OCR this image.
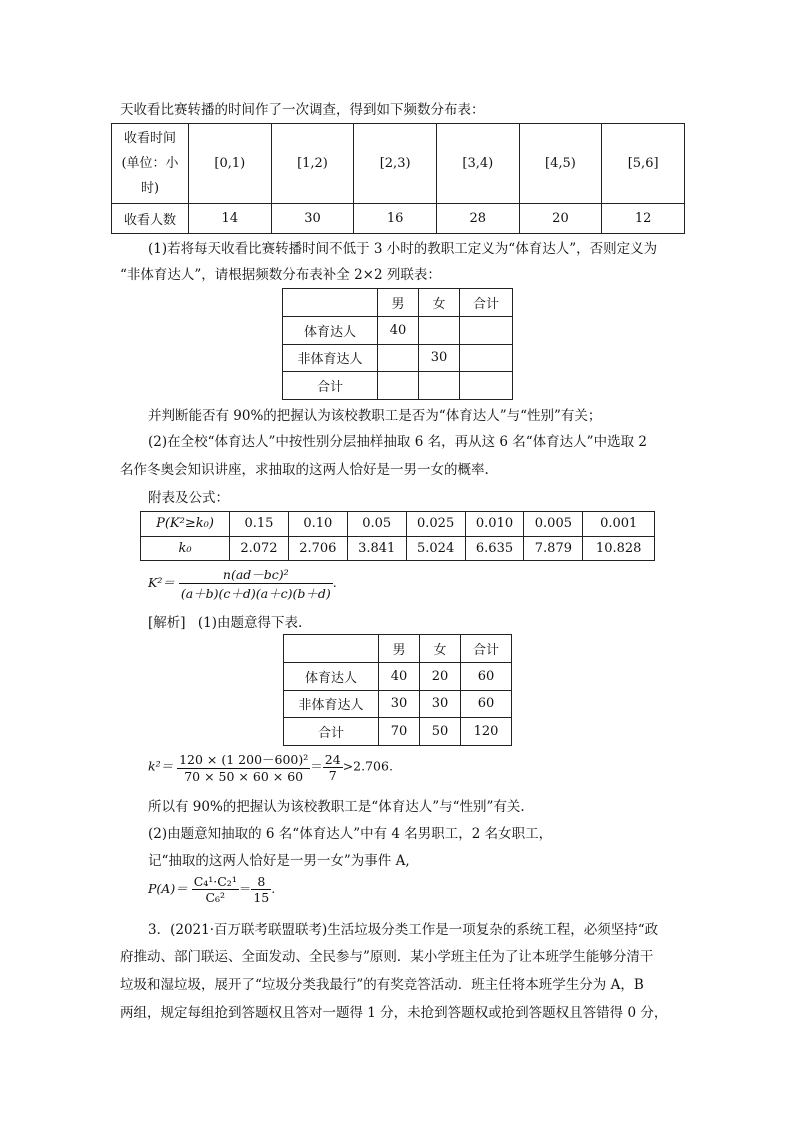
天收看比赛转播的时间作了一次调查，得到如下频数分布表：
收看时间
(单位：小
时)	[0,1)	[1,2)	[2,3)	[3,4)	[4,5)	[5,6]
收看人数	14	30	16	28	20	12
(1)若将每天收看比赛转播时间不低于 3 小时的教职工定义为“体育达人”，否则定义为
“非体育达人”，请根据频数分布表补全 2×2 列联表：
	男	女	合计
体育达人	40		
非体育达人		30	
合计			
并判断能否有 90%的把握认为该校教职工是否为“体育达人”与“性别”有关；
(2)在全校“体育达人”中按性别分层抽样抽取 6 名，再从这 6 名“体育达人”中选取 2
名作冬奥会知识讲座，求抽取的这两人恰好是一男一女的概率.
附表及公式：
P(K²≥k₀)	0.15	0.10	0.05	0.025	0.010	0.005	0.001
k₀	2.072	2.706	3.841	5.024	6.635	7.879	10.828
$K^2= \frac{\text{n(ad－bc)²}}{(a+b)(c+d)(a+c)(b+d)}$ .
[解析] (1)由题意得下表.
	男	女	合计
体育达人	40	20	60
非体育达人	30	30	60
合计	70	50	120
$k^2= \frac{\text{120 × (1 200－600)²}}{70 \times 50 \times 60 \times 60} = \frac{24}{7} >2.706$.
所以有 90%的把握认为该校教职工是“体育达人”与“性别”有关.
(2)由题意知抽取的 6 名“体育达人”中有 4 名男职工，2 名女职工，
记“抽取的这两人恰好是一男一女”为事件 A,
$P(A)= \frac{\text{C₄¹·C₂¹}}{\text{C₆²}} = \frac{8}{15}$ .
3．(2021·百万联考联盟联考)生活垃圾分类工作是一项复杂的系统工程，必须坚持“政
府推动、部门联运、全面发动、全民参与”原则．某小学班主任为了让本班学生能够分清干
垃圾和湿垃圾，展开了“垃圾分类我最行”的有奖竞答活动．班主任将本班学生分为 A，B
两组，规定每组抢到答题权且答对一题得 1 分，未抢到答题权或抢到答题权且答错得 0 分，
